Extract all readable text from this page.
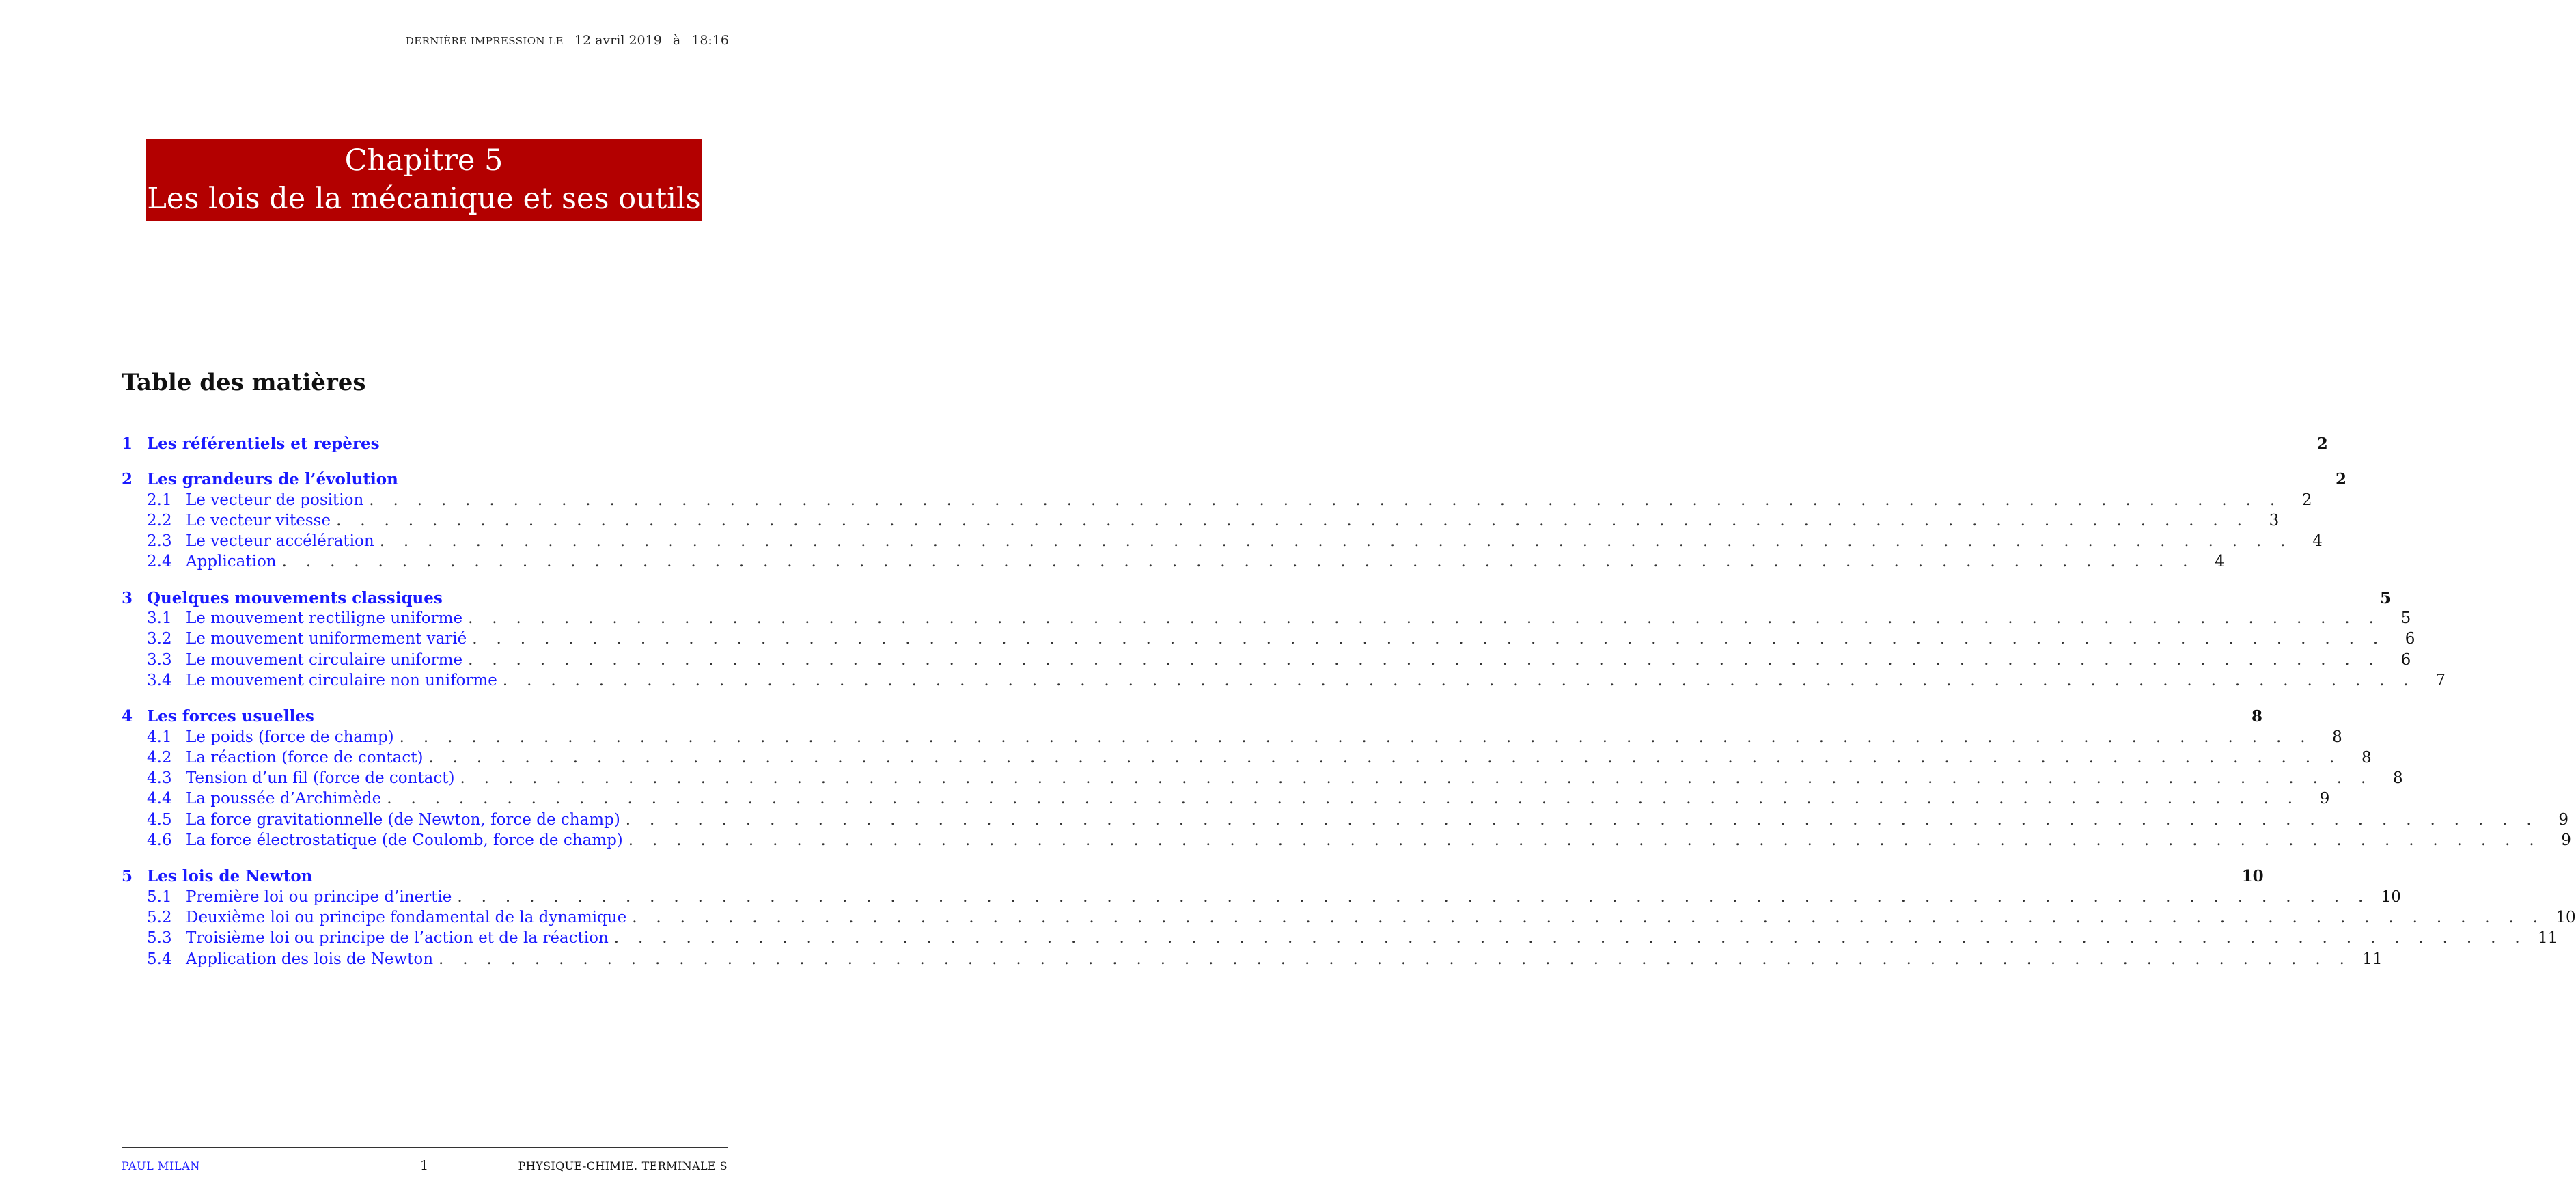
DERNIÈRE IMPRESSION LE 12 avril 2019 à 18:16
Chapitre 5
Les lois de la mécanique et ses outils
Table des matières
1 Les référentiels et repères	2
2 Les grandeurs de l’évolution	2
2.1 Le vecteur de position . . . . . . . . . . . . . . . . . . . . . . . . . . . . . . . . . . . . . . . . . . . . . . . . . . . . . . . . . . . . . . . . . . . . . . . . . . . . . . . .	2
2.2 Le vecteur vitesse . . . . . . . . . . . . . . . . . . . . . . . . . . . . . . . . . . . . . . . . . . . . . . . . . . . . . . . . . . . . . . . . . . . . . . . . . . . . . . . .	3
2.3 Le vecteur accélération . . . . . . . . . . . . . . . . . . . . . . . . . . . . . . . . . . . . . . . . . . . . . . . . . . . . . . . . . . . . . . . . . . . . . . . . . . . . . . . .	4
2.4 Application . . . . . . . . . . . . . . . . . . . . . . . . . . . . . . . . . . . . . . . . . . . . . . . . . . . . . . . . . . . . . . . . . . . . . . . . . . . . . . . .	4
3 Quelques mouvements classiques	5
3.1 Le mouvement rectiligne uniforme . . . . . . . . . . . . . . . . . . . . . . . . . . . . . . . . . . . . . . . . . . . . . . . . . . . . . . . . . . . . . . . . . . . . . . . . . . . . . . . .	5
3.2 Le mouvement uniformement varié . . . . . . . . . . . . . . . . . . . . . . . . . . . . . . . . . . . . . . . . . . . . . . . . . . . . . . . . . . . . . . . . . . . . . . . . . . . . . . . .	6
3.3 Le mouvement circulaire uniforme . . . . . . . . . . . . . . . . . . . . . . . . . . . . . . . . . . . . . . . . . . . . . . . . . . . . . . . . . . . . . . . . . . . . . . . . . . . . . . . .	6
3.4 Le mouvement circulaire non uniforme . . . . . . . . . . . . . . . . . . . . . . . . . . . . . . . . . . . . . . . . . . . . . . . . . . . . . . . . . . . . . . . . . . . . . . . . . . . . . . . .	7
4 Les forces usuelles	8
4.1 Le poids (force de champ) . . . . . . . . . . . . . . . . . . . . . . . . . . . . . . . . . . . . . . . . . . . . . . . . . . . . . . . . . . . . . . . . . . . . . . . . . . . . . . . .	8
4.2 La réaction (force de contact) . . . . . . . . . . . . . . . . . . . . . . . . . . . . . . . . . . . . . . . . . . . . . . . . . . . . . . . . . . . . . . . . . . . . . . . . . . . . . . . .	8
4.3 Tension d’un fil (force de contact) . . . . . . . . . . . . . . . . . . . . . . . . . . . . . . . . . . . . . . . . . . . . . . . . . . . . . . . . . . . . . . . . . . . . . . . . . . . . . . . .	8
4.4 La poussée d’Archimède . . . . . . . . . . . . . . . . . . . . . . . . . . . . . . . . . . . . . . . . . . . . . . . . . . . . . . . . . . . . . . . . . . . . . . . . . . . . . . . .	9
4.5 La force gravitationnelle (de Newton, force de champ) . . . . . . . . . . . . . . . . . . . . . . . . . . . . . . . . . . . . . . . . . . . . . . . . . . . . . . . . . . . . . . . . . . . . . . . . . . . . . . . .	9
4.6 La force électrostatique (de Coulomb, force de champ) . . . . . . . . . . . . . . . . . . . . . . . . . . . . . . . . . . . . . . . . . . . . . . . . . . . . . . . . . . . . . . . . . . . . . . . . . . . . . . . .	9
5 Les lois de Newton	10
5.1 Première loi ou principe d’inertie . . . . . . . . . . . . . . . . . . . . . . . . . . . . . . . . . . . . . . . . . . . . . . . . . . . . . . . . . . . . . . . . . . . . . . . . . . . . . . . . 10
5.2 Deuxième loi ou principe fondamental de la dynamique . . . . . . . . . . . . . . . . . . . . . . . . . . . . . . . . . . . . . . . . . . . . . . . . . . . . . . . . . . . . . . . . . . . . . . . . . . . . . . . . 10
5.3 Troisième loi ou principe de l’action et de la réaction . . . . . . . . . . . . . . . . . . . . . . . . . . . . . . . . . . . . . . . . . . . . . . . . . . . . . . . . . . . . . . . . . . . . . . . . . . . . . . . . 11
5.4 Application des lois de Newton . . . . . . . . . . . . . . . . . . . . . . . . . . . . . . . . . . . . . . . . . . . . . . . . . . . . . . . . . . . . . . . . . . . . . . . . . . . . . . . . 11
PAUL MILAN	1	PHYSIQUE-CHIMIE. TERMINALE S
